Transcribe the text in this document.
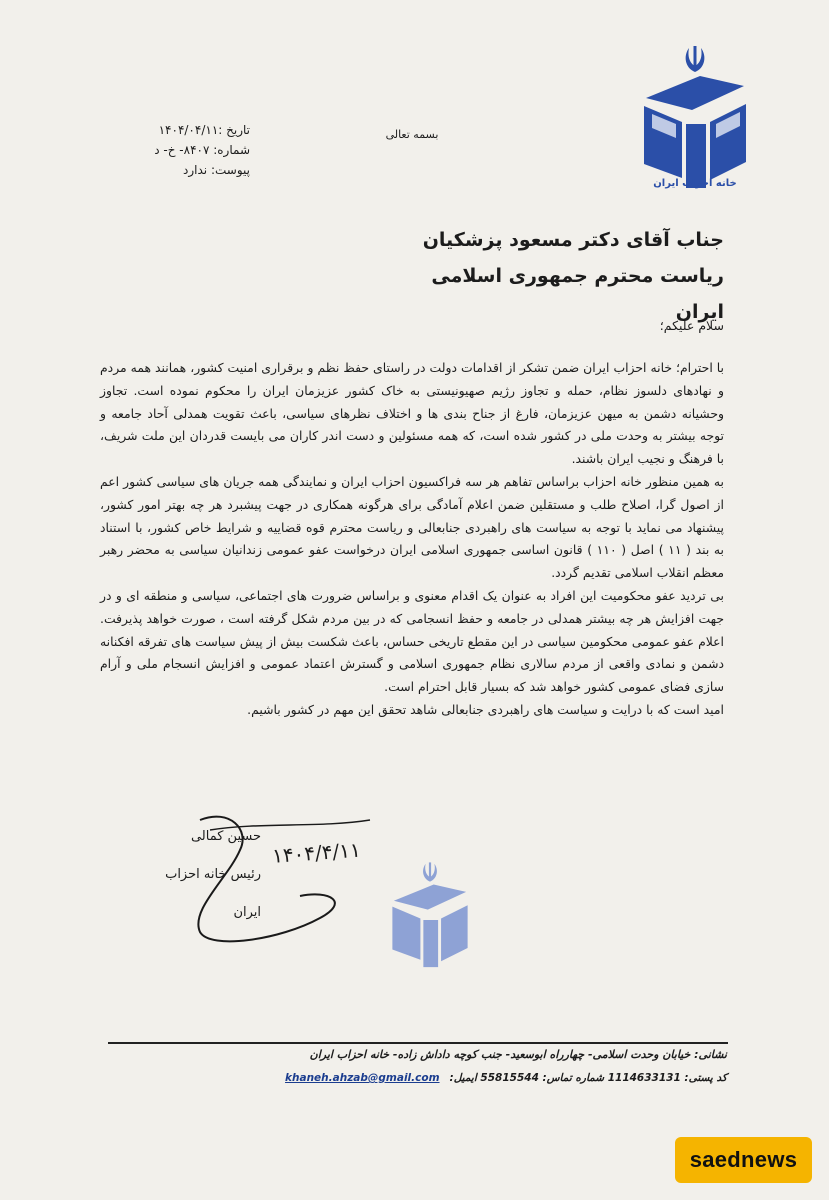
خانه احزاب ایران
بسمه تعالی
تاریخ :۱۴۰۴/۰۴/۱۱
شماره: ۸۴۰۷- خ- د
پیوست: ندارد
جناب آقای دکتر مسعود پزشکیان
ریاست محترم جمهوری اسلامی ایران
سلام علیکم؛

با احترام؛ خانه احزاب ایران ضمن تشکر از اقدامات دولت در راستای حفظ نظم و برقراری امنیت کشور، همانند همه مردم و نهادهای دلسوز نظام، حمله و تجاوز رژیم صهیونیستی به خاک کشور عزیزمان ایران را محکوم نموده است. تجاوز وحشیانه دشمن به میهن عزیزمان، فارغ از جناح بندی ها و اختلاف نظرهای سیاسی، باعث تقویت همدلی آحاد جامعه و توجه بیشتر به وحدت ملی در کشور شده است، که همه مسئولین و دست اندر کاران می بایست قدردان این ملت شریف، با فرهنگ و نجیب ایران باشند.

به همین منظور خانه احزاب براساس تفاهم هر سه فراکسیون احزاب ایران و نمایندگی همه جریان های سیاسی کشور اعم از اصول گرا، اصلاح طلب و مستقلین ضمن اعلام آمادگی برای هرگونه همکاری در جهت پیشبرد هر چه بهتر امور کشور، پیشنهاد می نماید با توجه به سیاست های راهبردی جنابعالی و ریاست محترم قوه قضاییه و شرایط خاص کشور، با استناد به بند ( ۱۱ ) اصل ( ۱۱۰ ) قانون اساسی جمهوری اسلامی ایران درخواست عفو عمومی زندانیان سیاسی به محضر رهبر معظم انقلاب اسلامی تقدیم گردد.

بی تردید عفو محکومیت این افراد به عنوان یک اقدام معنوی و براساس ضرورت های اجتماعی، سیاسی و منطقه ای و در جهت افزایش هر چه بیشتر همدلی در جامعه و حفظ انسجامی که در بین مردم شکل گرفته است ، صورت خواهد پذیرفت. اعلام عفو عمومی محکومین سیاسی در این مقطع تاریخی حساس، باعث شکست بیش از پیش سیاست های تفرقه افکنانه دشمن و نمادی واقعی از مردم سالاری نظام جمهوری اسلامی و گسترش اعتماد عمومی و افزایش انسجام ملی و آرام سازی فضای عمومی کشور خواهد شد که بسیار قابل احترام است.

امید است که با درایت و سیاست های راهبردی جنابعالی شاهد تحقق این مهم در کشور باشیم.

حسین کمالی
رئیس خانه احزاب ایران
۱۴۰۴/۴/۱۱
نشانی: خیابان وحدت اسلامی- چهارراه ابوسعید- جنب کوچه داداش زاده- خانه احزاب ایران
کد پستی: 1114633131 شماره تماس: 55815544 ایمیل:khaneh.ahzab@gmail.com
saednews
